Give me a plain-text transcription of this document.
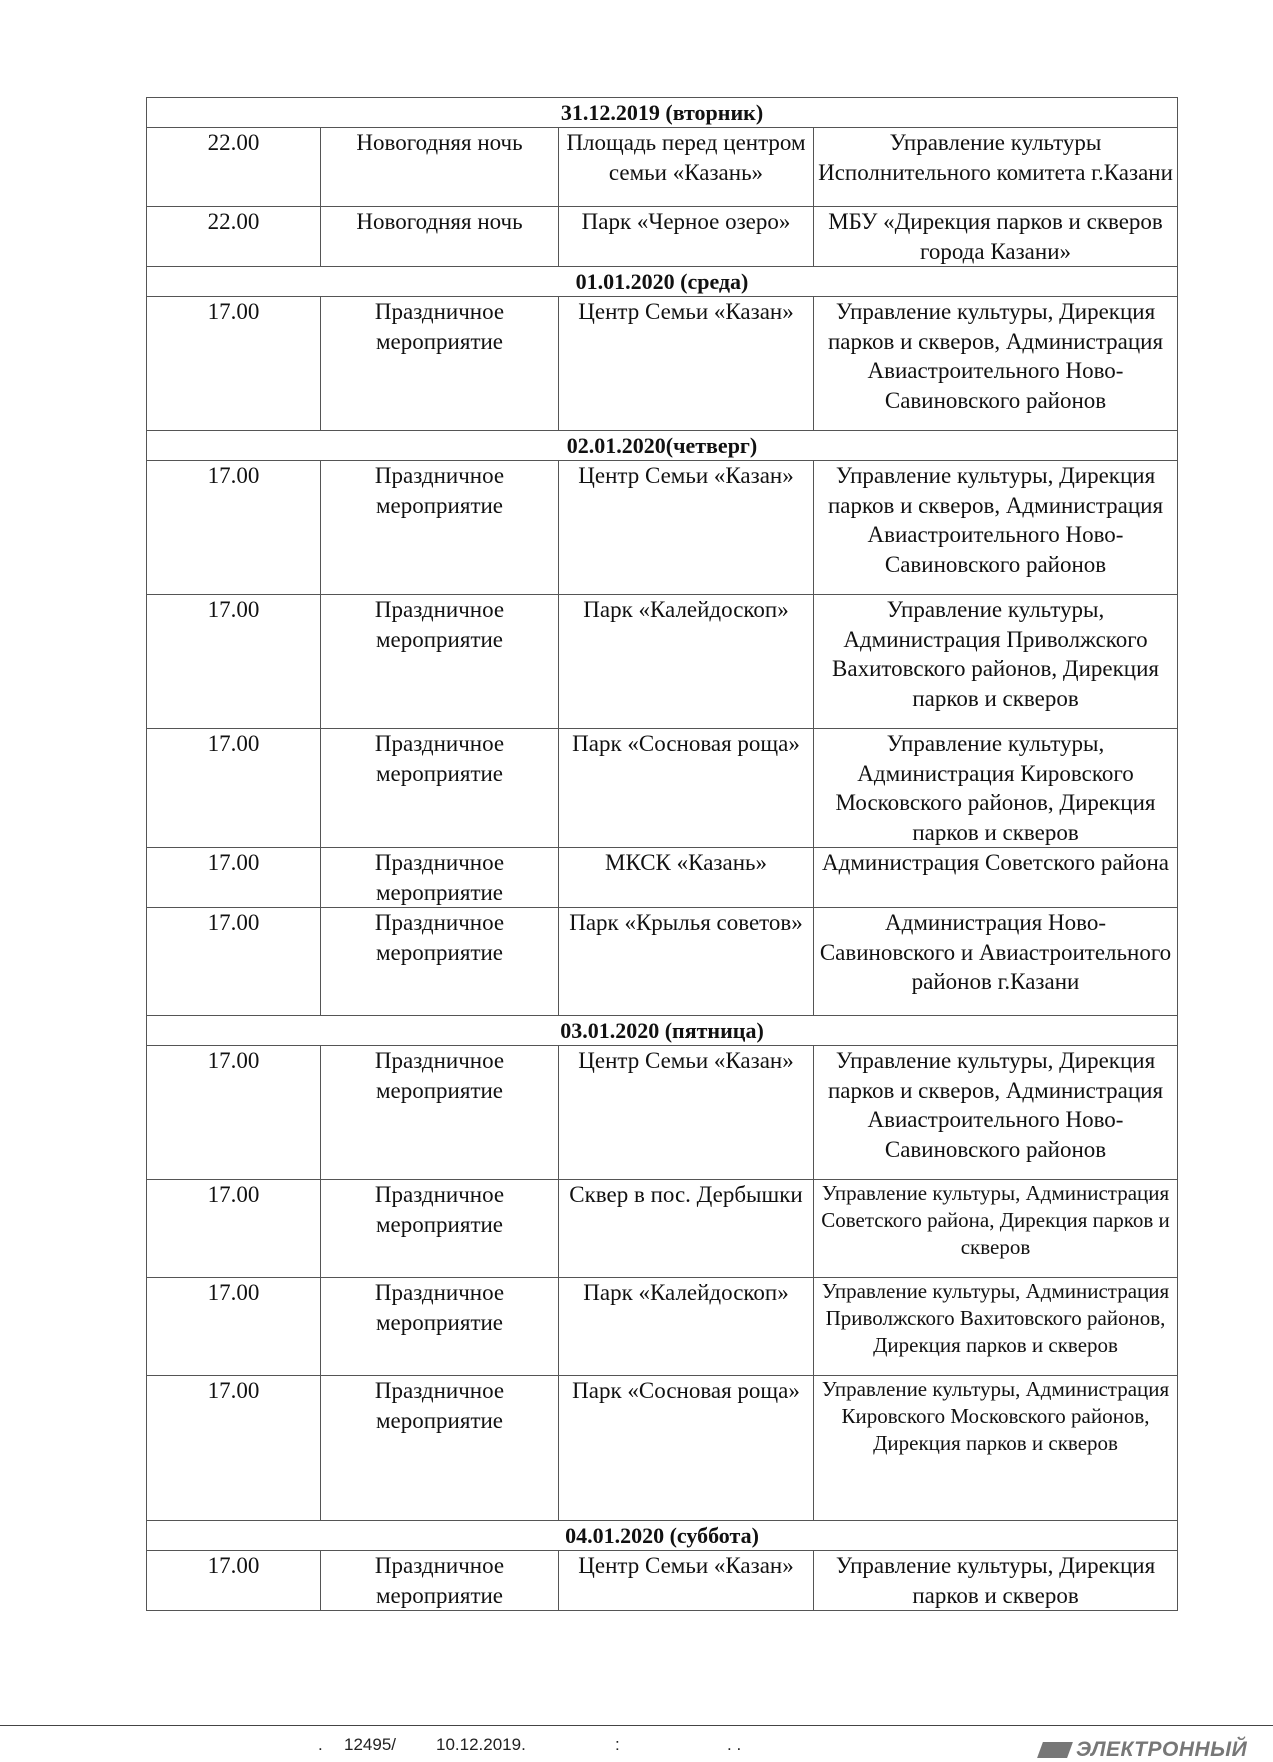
31.12.2019 (вторник)			
22.00	Новогодняя ночь	Площадь перед центром семьи «Казань»	Управление культуры Исполнительного комитета г.Казани
22.00	Новогодняя ночь	Парк «Черное озеро»	МБУ «Дирекция парков и скверов города Казани»
01.01.2020 (среда)			
17.00	Праздничное мероприятие	Центр Семьи «Казан»	Управление культуры, Дирекция парков и скверов, Администрация Авиастроительного Ново-Савиновского районов
02.01.2020(четверг)			
17.00	Праздничное мероприятие	Центр Семьи «Казан»	Управление культуры, Дирекция парков и скверов, Администрация Авиастроительного Ново-Савиновского районов
17.00	Праздничное мероприятие	Парк «Калейдоскоп»	Управление культуры, Администрация Приволжского Вахитовского районов, Дирекция парков и скверов
17.00	Праздничное мероприятие	Парк «Сосновая роща»	Управление культуры, Администрация Кировского Московского районов, Дирекция парков и скверов
17.00	Праздничное мероприятие	МКСК «Казань»	Администрация Советского района
17.00	Праздничное мероприятие	Парк «Крылья советов»	Администрация Ново-Савиновского и Авиастроительного районов г.Казани
03.01.2020 (пятница)			
17.00	Праздничное мероприятие	Центр Семьи «Казан»	Управление культуры, Дирекция парков и скверов, Администрация Авиастроительного Ново-Савиновского районов
17.00	Праздничное мероприятие	Сквер в пос. Дербышки	Управление культуры, Администрация Советского района, Дирекция парков и скверов
17.00	Праздничное мероприятие	Парк «Калейдоскоп»	Управление культуры, Администрация Приволжского Вахитовского районов, Дирекция парков и скверов
17.00	Праздничное мероприятие	Парк «Сосновая роща»	Управление культуры, Администрация Кировского Московского районов, Дирекция парков и скверов
04.01.2020 (суббота)			
17.00	Праздничное мероприятие	Центр Семьи «Казан»	Управление культуры, Дирекция парков и скверов
. 12495/ 10.12.2019.	:	. .	ЭЛЕКТРОННЫЙ
